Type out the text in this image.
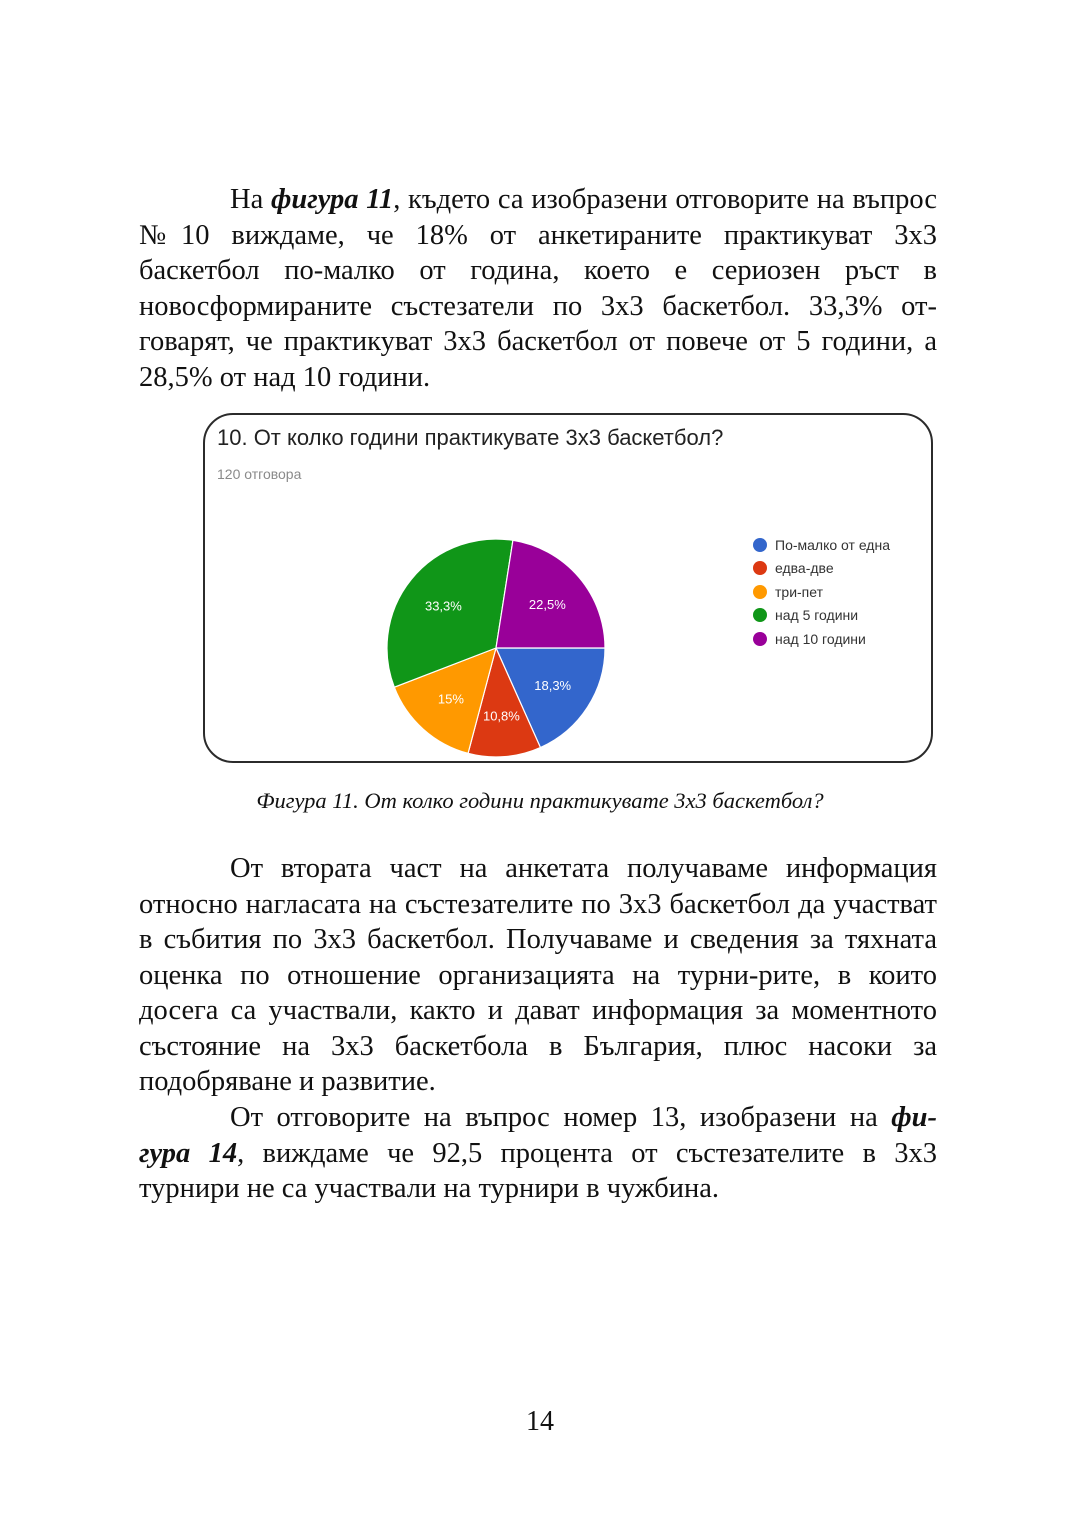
На фигура 11, където са изобразени отговорите на въпрос №10 виждаме, че 18% от анкетираните практикуват 3х3 баскетбол по-малко от година, което е сериозен ръст в новосформираните състезатели по 3х3 баскетбол. 33,3% от-говарят, че практикуват 3х3 баскетбол от повече от 5 години, а 28,5% от над 10 години.

10. От колко години практикувате 3x3 баскетбол?
120 отговора
18,3%
10,8%
15%
33,3%	22,5%
По-малко от една
едва-две
три-пет
над 5 години
над 10 години
Фигура 11. От колко години практикувате 3х3 баскетбол?

От втората част на анкетата получаваме информация относно нагласата на състезателите по 3х3 баскетбол да участват в събития по 3х3 баскетбол. Получаваме и сведения за тяхната оценка по отношение организацията на турни-рите, в които досега са участвали, както и дават информация за моментното състояние на 3х3 баскетбола в България, плюс насоки за подобряване и развитие.

От отговорите на въпрос номер 13, изобразени на фи-гура 14, виждаме че 92,5 процента от състезателите в 3х3 турнири не са участвали на турнири в чужбина.

14
